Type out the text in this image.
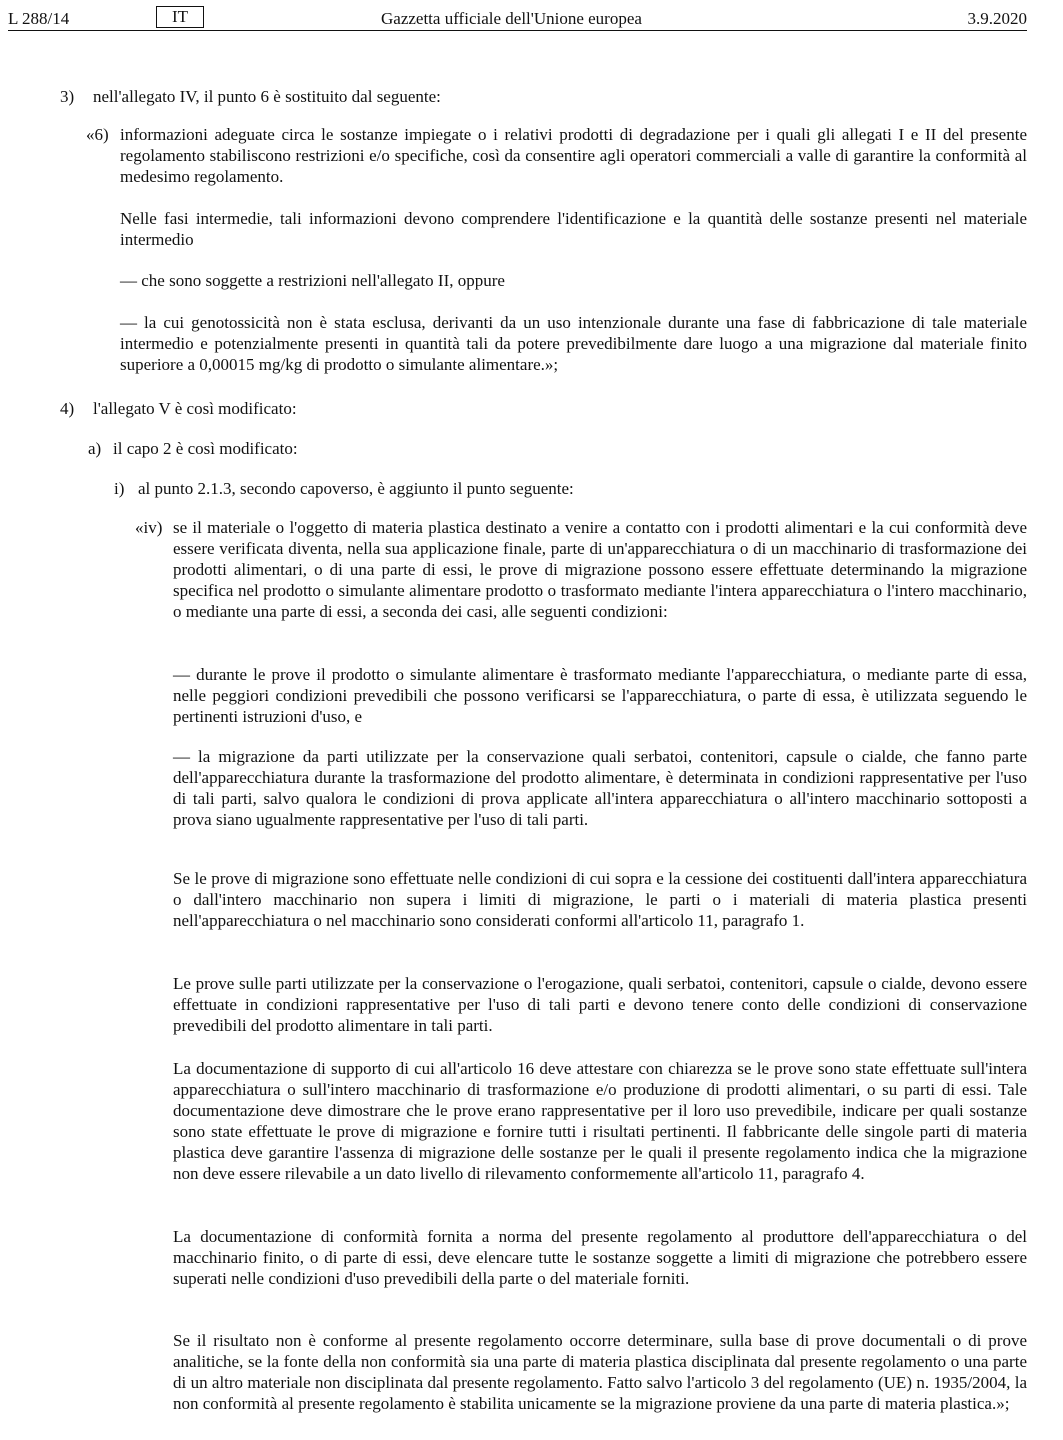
L 288/14	IT	Gazzetta ufficiale dell'Unione europea	3.9.2020
3) nell'allegato IV, il punto 6 è sostituito dal seguente:

«6) informazioni adeguate circa le sostanze impiegate o i relativi prodotti di degradazione per i quali gli allegati I e II del presente regolamento stabiliscono restrizioni e/o specifiche, così da consentire agli operatori commerciali a valle di garantire la conformità al medesimo regolamento.

Nelle fasi intermedie, tali informazioni devono comprendere l'identificazione e la quantità delle sostanze presenti nel materiale intermedio

— che sono soggette a restrizioni nell'allegato II, oppure

— la cui genotossicità non è stata esclusa, derivanti da un uso intenzionale durante una fase di fabbricazione di tale materiale intermedio e potenzialmente presenti in quantità tali da potere prevedibilmente dare luogo a una migrazione dal materiale finito superiore a 0,00015 mg/kg di prodotto o simulante alimentare.»;

4) l'allegato V è così modificato:

a) il capo 2 è così modificato:

i) al punto 2.1.3, secondo capoverso, è aggiunto il punto seguente:

«iv) se il materiale o l'oggetto di materia plastica destinato a venire a contatto con i prodotti alimentari e la cui conformità deve essere verificata diventa, nella sua applicazione finale, parte di un'apparecchiatura o di un macchinario di trasformazione dei prodotti alimentari, o di una parte di essi, le prove di migrazione possono essere effettuate determinando la migrazione specifica nel prodotto o simulante alimentare prodotto o trasformato mediante l'intera apparecchiatura o l'intero macchinario, o mediante una parte di essi, a seconda dei casi, alle seguenti condizioni:

— durante le prove il prodotto o simulante alimentare è trasformato mediante l'apparecchiatura, o mediante parte di essa, nelle peggiori condizioni prevedibili che possono verificarsi se l'apparecchiatura, o parte di essa, è utilizzata seguendo le pertinenti istruzioni d'uso, e

— la migrazione da parti utilizzate per la conservazione quali serbatoi, contenitori, capsule o cialde, che fanno parte dell'apparecchiatura durante la trasformazione del prodotto alimentare, è determinata in condizioni rappresentative per l'uso di tali parti, salvo qualora le condizioni di prova applicate all'intera apparecchiatura o all'intero macchinario sottoposti a prova siano ugualmente rappresentative per l'uso di tali parti.

Se le prove di migrazione sono effettuate nelle condizioni di cui sopra e la cessione dei costituenti dall'intera apparecchiatura o dall'intero macchinario non supera i limiti di migrazione, le parti o i materiali di materia plastica presenti nell'apparecchiatura o nel macchinario sono considerati conformi all'articolo 11, paragrafo 1.

Le prove sulle parti utilizzate per la conservazione o l'erogazione, quali serbatoi, contenitori, capsule o cialde, devono essere effettuate in condizioni rappresentative per l'uso di tali parti e devono tenere conto delle condizioni di conservazione prevedibili del prodotto alimentare in tali parti.

La documentazione di supporto di cui all'articolo 16 deve attestare con chiarezza se le prove sono state effettuate sull'intera apparecchiatura o sull'intero macchinario di trasformazione e/o produzione di prodotti alimentari, o su parti di essi. Tale documentazione deve dimostrare che le prove erano rappresentative per il loro uso prevedibile, indicare per quali sostanze sono state effettuate le prove di migrazione e fornire tutti i risultati pertinenti. Il fabbricante delle singole parti di materia plastica deve garantire l'assenza di migrazione delle sostanze per le quali il presente regolamento indica che la migrazione non deve essere rilevabile a un dato livello di rilevamento conformemente all'articolo 11, paragrafo 4.

La documentazione di conformità fornita a norma del presente regolamento al produttore dell'apparecchiatura o del macchinario finito, o di parte di essi, deve elencare tutte le sostanze soggette a limiti di migrazione che potrebbero essere superati nelle condizioni d'uso prevedibili della parte o del materiale forniti.

Se il risultato non è conforme al presente regolamento occorre determinare, sulla base di prove documentali o di prove analitiche, se la fonte della non conformità sia una parte di materia plastica disciplinata dal presente regolamento o una parte di un altro materiale non disciplinata dal presente regolamento. Fatto salvo l'articolo 3 del regolamento (UE) n. 1935/2004, la non conformità al presente regolamento è stabilita unicamente se la migrazione proviene da una parte di materia plastica.»;
